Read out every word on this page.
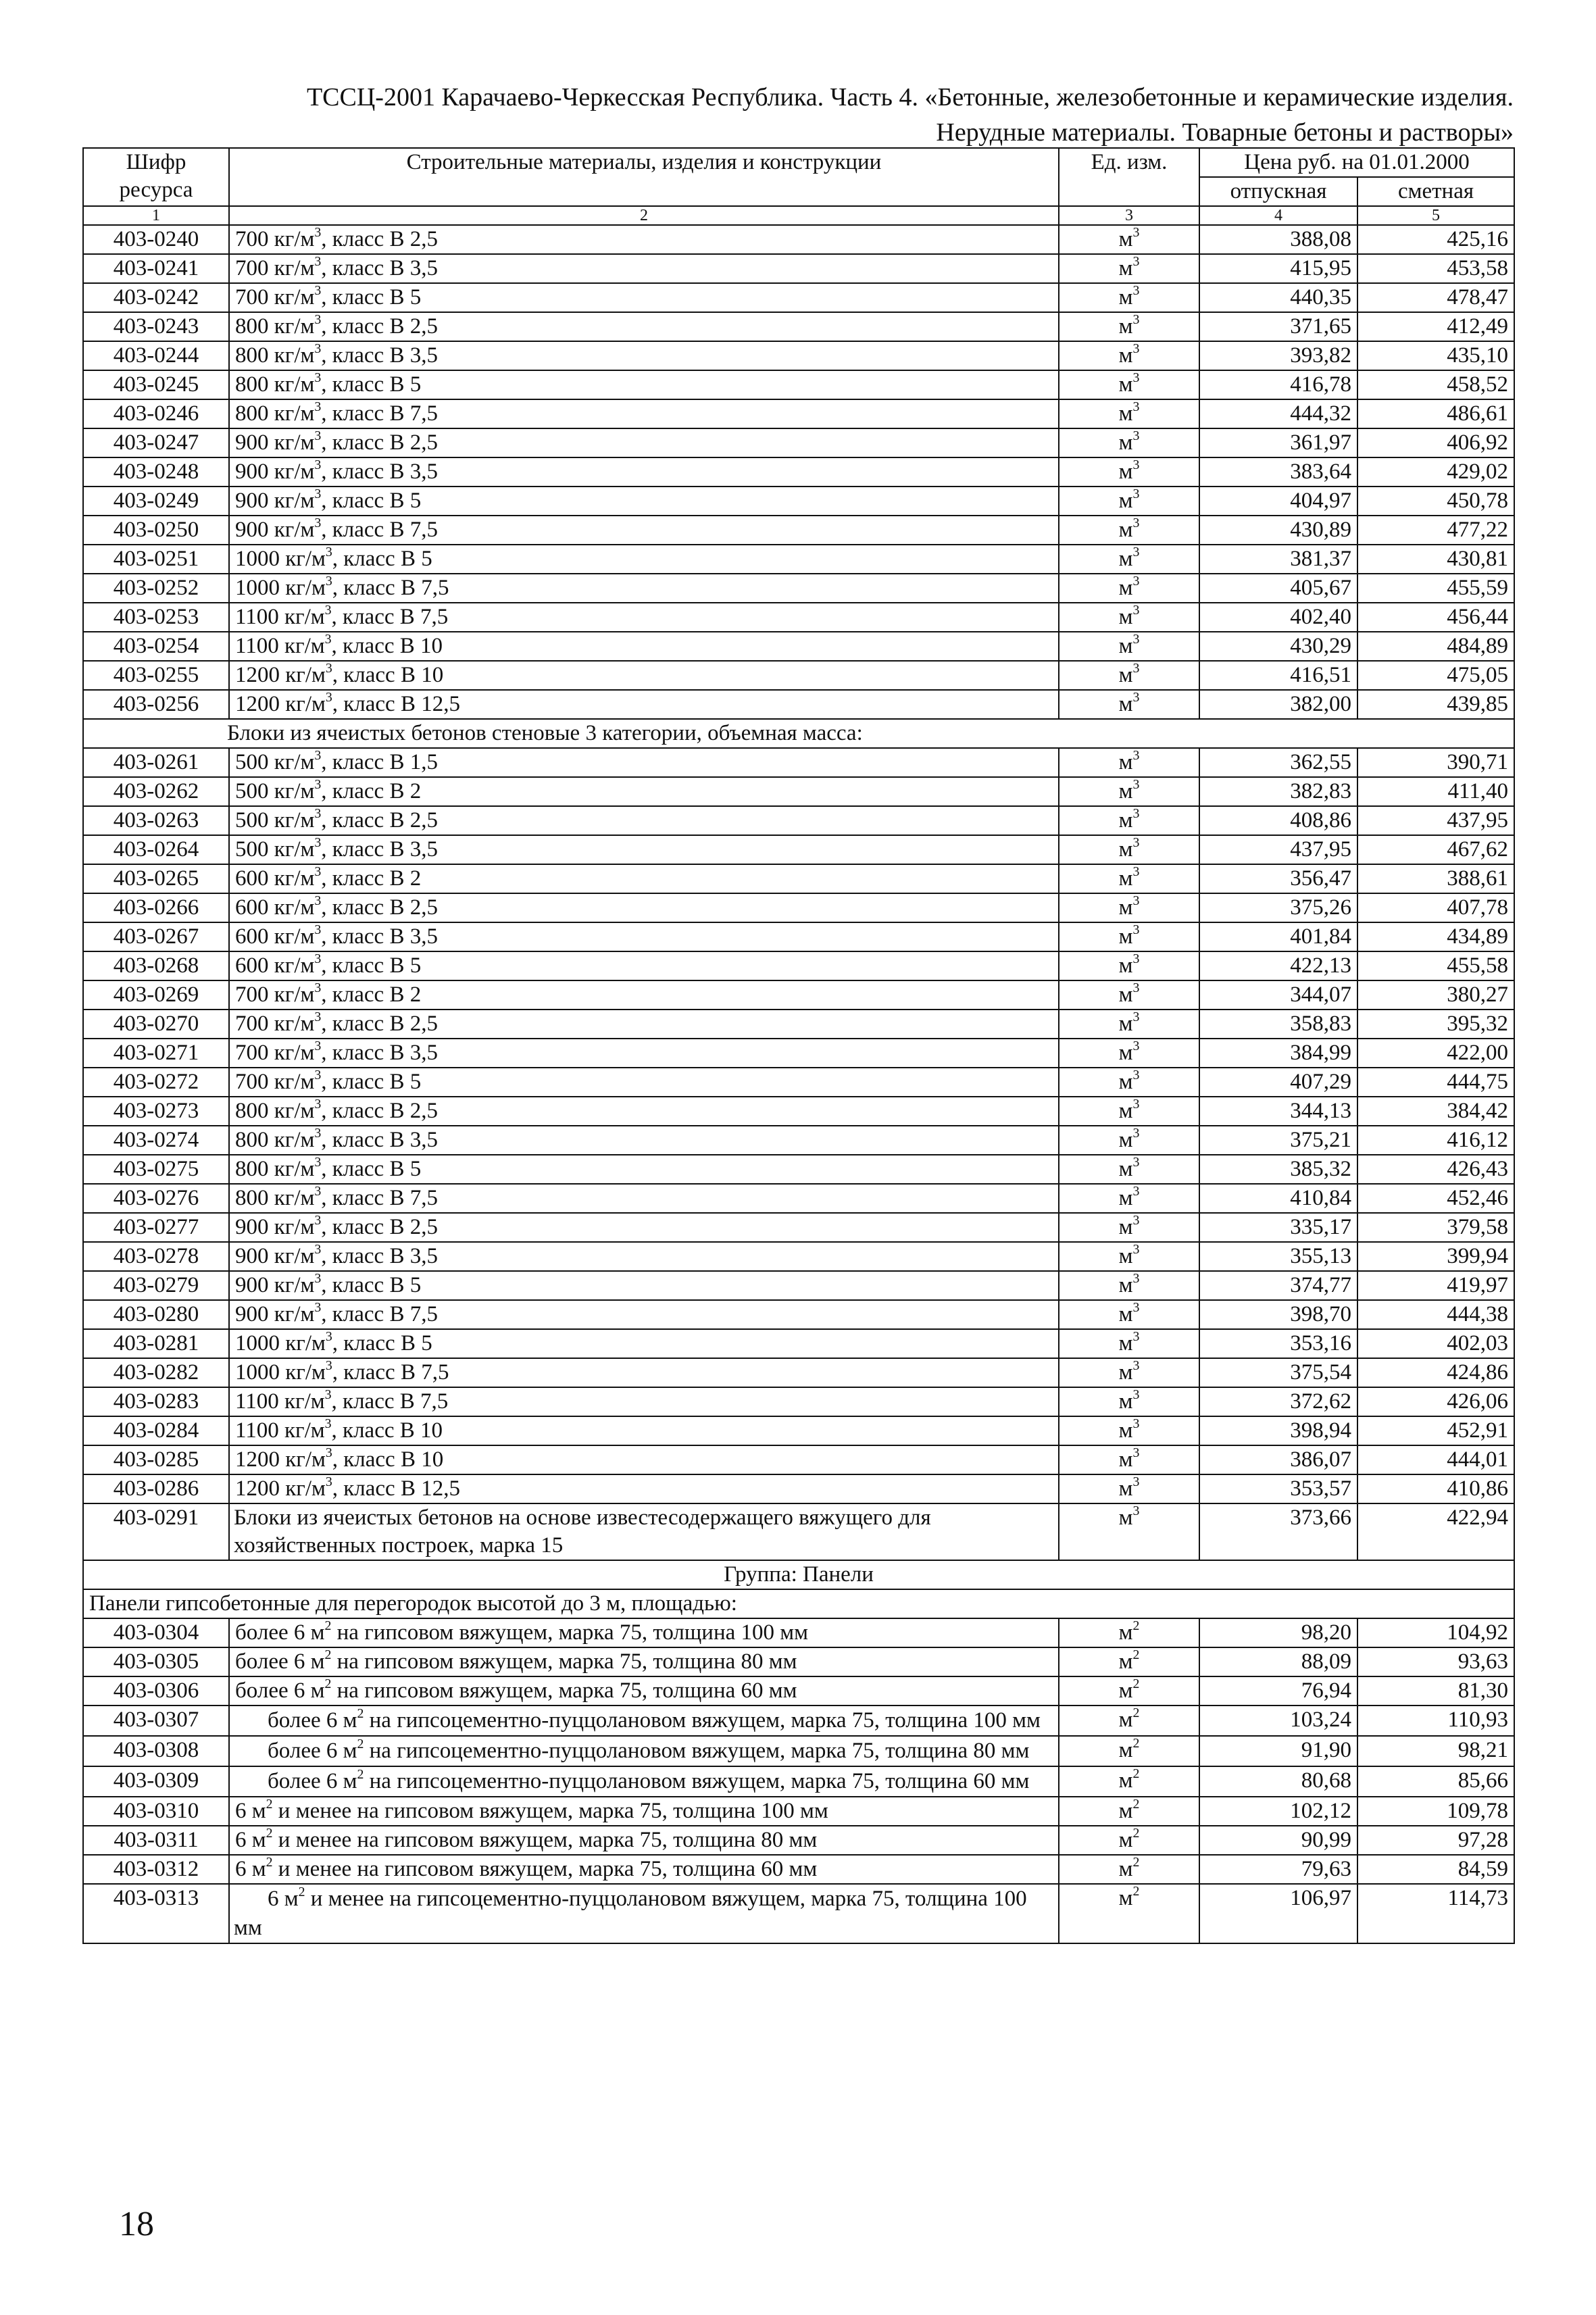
ТССЦ-2001 Карачаево-Черкесская Республика. Часть 4. «Бетонные, железобетонные и керамические изделия.
Нерудные материалы. Товарные бетоны и растворы»
Шифр ресурса	Строительные материалы, изделия и конструкции	Ед. изм.	Цена руб. на 01.01.2000	
			отпускная	сметная
1	2	3	4	5
403-0240	700 $кг/м^3$, класс В 2,5	$м^3$	388,08	425,16
403-0241	700 $кг/м^3$, класс В 3,5	$м^3$	415,95	453,58
403-0242	700 $кг/м^3$, класс В 5	$м^3$	440,35	478,47
403-0243	800 $кг/м^3$, класс В 2,5	$м^3$	371,65	412,49
403-0244	800 $кг/м^3$, класс В 3,5	$м^3$	393,82	435,10
403-0245	800 $кг/м^3$, класс В 5	$м^3$	416,78	458,52
403-0246	800 $кг/м^3$, класс В 7,5	$м^3$	444,32	486,61
403-0247	900 $кг/м^3$, класс В 2,5	$м^3$	361,97	406,92
403-0248	900 $кг/м^3$, класс В 3,5	$м^3$	383,64	429,02
403-0249	900 $кг/м^3$, класс В 5	$м^3$	404,97	450,78
403-0250	900 $кг/м^3$, класс В 7,5	$м^3$	430,89	477,22
403-0251	1000 $кг/м^3$, класс В 5	$м^3$	381,37	430,81
403-0252	1000 $кг/м^3$, класс В 7,5	$м^3$	405,67	455,59
403-0253	1100 $кг/м^3$, класс В 7,5	$м^3$	402,40	456,44
403-0254	1100 $кг/м^3$, класс В 10	$м^3$	430,29	484,89
403-0255	1200 $кг/м^3$, класс В 10	$м^3$	416,51	475,05
403-0256	1200 $кг/м^3$, класс В 12,5	$м^3$	382,00	439,85
Блоки из ячеистых бетонов стеновые 3 категории, объемная масса:				
403-0261	500 $кг/м^3$, класс В 1,5	$м^3$	362,55	390,71
403-0262	500 $кг/м^3$, класс В 2	$м^3$	382,83	411,40
403-0263	500 $кг/м^3$, класс В 2,5	$м^3$	408,86	437,95
403-0264	500 $кг/м^3$, класс В 3,5	$м^3$	437,95	467,62
403-0265	600 $кг/м^3$, класс В 2	$м^3$	356,47	388,61
403-0266	600 $кг/м^3$, класс В 2,5	$м^3$	375,26	407,78
403-0267	600 $кг/м^3$, класс В 3,5	$м^3$	401,84	434,89
403-0268	600 $кг/м^3$, класс В 5	$м^3$	422,13	455,58
403-0269	700 $кг/м^3$, класс В 2	$м^3$	344,07	380,27
403-0270	700 $кг/м^3$, класс В 2,5	$м^3$	358,83	395,32
403-0271	700 $кг/м^3$, класс В 3,5	$м^3$	384,99	422,00
403-0272	700 $кг/м^3$, класс В 5	$м^3$	407,29	444,75
403-0273	800 $кг/м^3$, класс В 2,5	$м^3$	344,13	384,42
403-0274	800 $кг/м^3$, класс В 3,5	$м^3$	375,21	416,12
403-0275	800 $кг/м^3$, класс В 5	$м^3$	385,32	426,43
403-0276	800 $кг/м^3$, класс В 7,5	$м^3$	410,84	452,46
403-0277	900 $кг/м^3$, класс В 2,5	$м^3$	335,17	379,58
403-0278	900 $кг/м^3$, класс В 3,5	$м^3$	355,13	399,94
403-0279	900 $кг/м^3$, класс В 5	$м^3$	374,77	419,97
403-0280	900 $кг/м^3$, класс В 7,5	$м^3$	398,70	444,38
403-0281	1000 $кг/м^3$, класс В 5	$м^3$	353,16	402,03
403-0282	1000 $кг/м^3$, класс В 7,5	$м^3$	375,54	424,86
403-0283	1100 $кг/м^3$, класс В 7,5	$м^3$	372,62	426,06
403-0284	1100 $кг/м^3$, класс В 10	$м^3$	398,94	452,91
403-0285	1200 $кг/м^3$, класс В 10	$м^3$	386,07	444,01
403-0286	1200 $кг/м^3$, класс В 12,5	$м^3$	353,57	410,86
403-0291	Блоки из ячеистых бетонов на основе известесодержащего вяжущего для хозяйственных построек, марка 15	$м^3$	373,66	422,94
Группа: Панели				
Панели гипсобетонные для перегородок высотой до 3 м, площадью:				
403-0304	более 6 $м^2$ на гипсовом вяжущем, марка 75, толщина 100 мм	$м^2$	98,20	104,92
403-0305	более 6 $м^2$ на гипсовом вяжущем, марка 75, толщина 80 мм	$м^2$	88,09	93,63
403-0306	более 6 $м^2$ на гипсовом вяжущем, марка 75, толщина 60 мм	$м^2$	76,94	81,30
403-0307	более 6 $м^2$ на гипсоцементно-пуццолановом вяжущем, марка 75, толщина 100 мм	$м^2$	103,24	110,93
403-0308	более 6 $м^2$ на гипсоцементно-пуццолановом вяжущем, марка 75, толщина 80 мм	$м^2$	91,90	98,21
403-0309	более 6 $м^2$ на гипсоцементно-пуццолановом вяжущем, марка 75, толщина 60 мм	$м^2$	80,68	85,66
403-0310	6 $м^2$ и менее на гипсовом вяжущем, марка 75, толщина 100 мм	$м^2$	102,12	109,78
403-0311	6 $м^2$ и менее на гипсовом вяжущем, марка 75, толщина 80 мм	$м^2$	90,99	97,28
403-0312	6 $м^2$ и менее на гипсовом вяжущем, марка 75, толщина 60 мм	$м^2$	79,63	84,59
403-0313	6 $м^2$ и менее на гипсоцементно-пуццолановом вяжущем, марка 75, толщина 100 мм	$м^2$	106,97	114,73
18
